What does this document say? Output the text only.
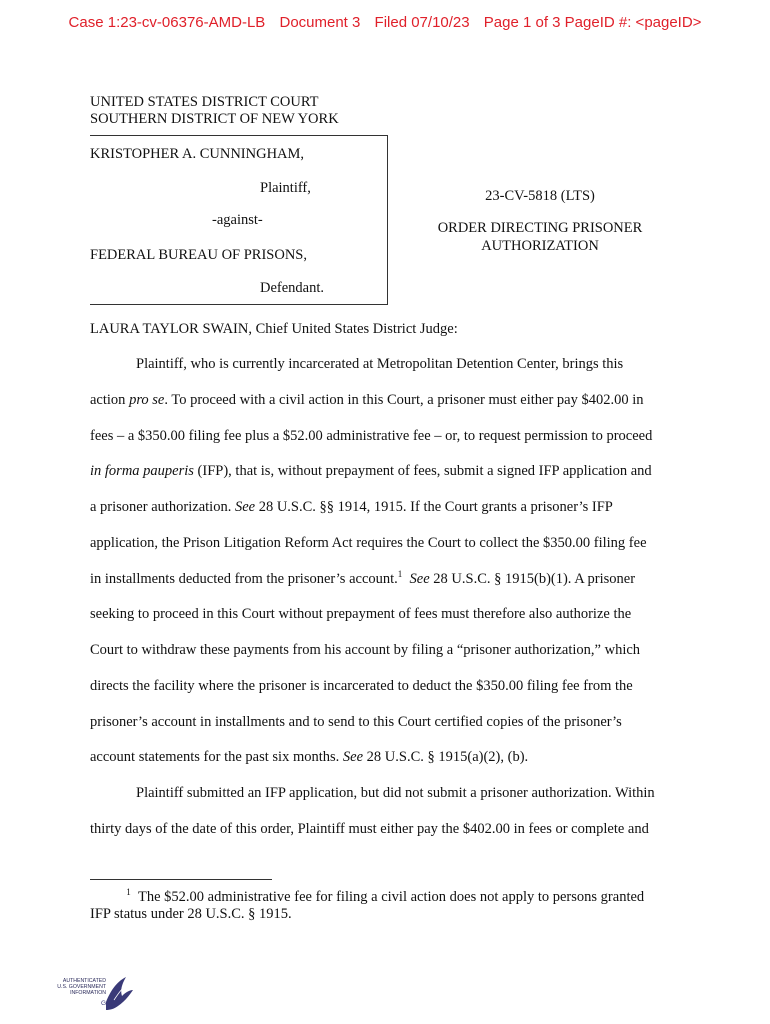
Case 1:23-cv-06376-AMD-LB Document 3 Filed 07/10/23 Page 1 of 3 PageID #: <pageID>
UNITED STATES DISTRICT COURT
SOUTHERN DISTRICT OF NEW YORK
KRISTOPHER A. CUNNINGHAM,
Plaintiff,
-against-
FEDERAL BUREAU OF PRISONS,
Defendant.
23-CV-5818 (LTS)
ORDER DIRECTING PRISONER
AUTHORIZATION
LAURA TAYLOR SWAIN, Chief United States District Judge:
Plaintiff, who is currently incarcerated at Metropolitan Detention Center, brings this
action pro se. To proceed with a civil action in this Court, a prisoner must either pay $402.00 in
fees – a $350.00 filing fee plus a $52.00 administrative fee – or, to request permission to proceed
in forma pauperis (IFP), that is, without prepayment of fees, submit a signed IFP application and
a prisoner authorization. See 28 U.S.C. §§ 1914, 1915. If the Court grants a prisoner’s IFP
application, the Prison Litigation Reform Act requires the Court to collect the $350.00 filing fee
in installments deducted from the prisoner’s account.$^1$ See 28 U.S.C. § 1915(b)(1). A prisoner
seeking to proceed in this Court without prepayment of fees must therefore also authorize the
Court to withdraw these payments from his account by filing a “prisoner authorization,” which
directs the facility where the prisoner is incarcerated to deduct the $350.00 filing fee from the
prisoner’s account in installments and to send to this Court certified copies of the prisoner’s
account statements for the past six months. See 28 U.S.C. § 1915(a)(2), (b).
Plaintiff submitted an IFP application, but did not submit a prisoner authorization. Within
thirty days of the date of this order, Plaintiff must either pay the $402.00 in fees or complete and
$^1$ The $52.00 administrative fee for filing a civil action does not apply to persons granted
IFP status under 28 U.S.C. § 1915.
AUTHENTICATED
U.S. GOVERNMENT
INFORMATION
GPO
